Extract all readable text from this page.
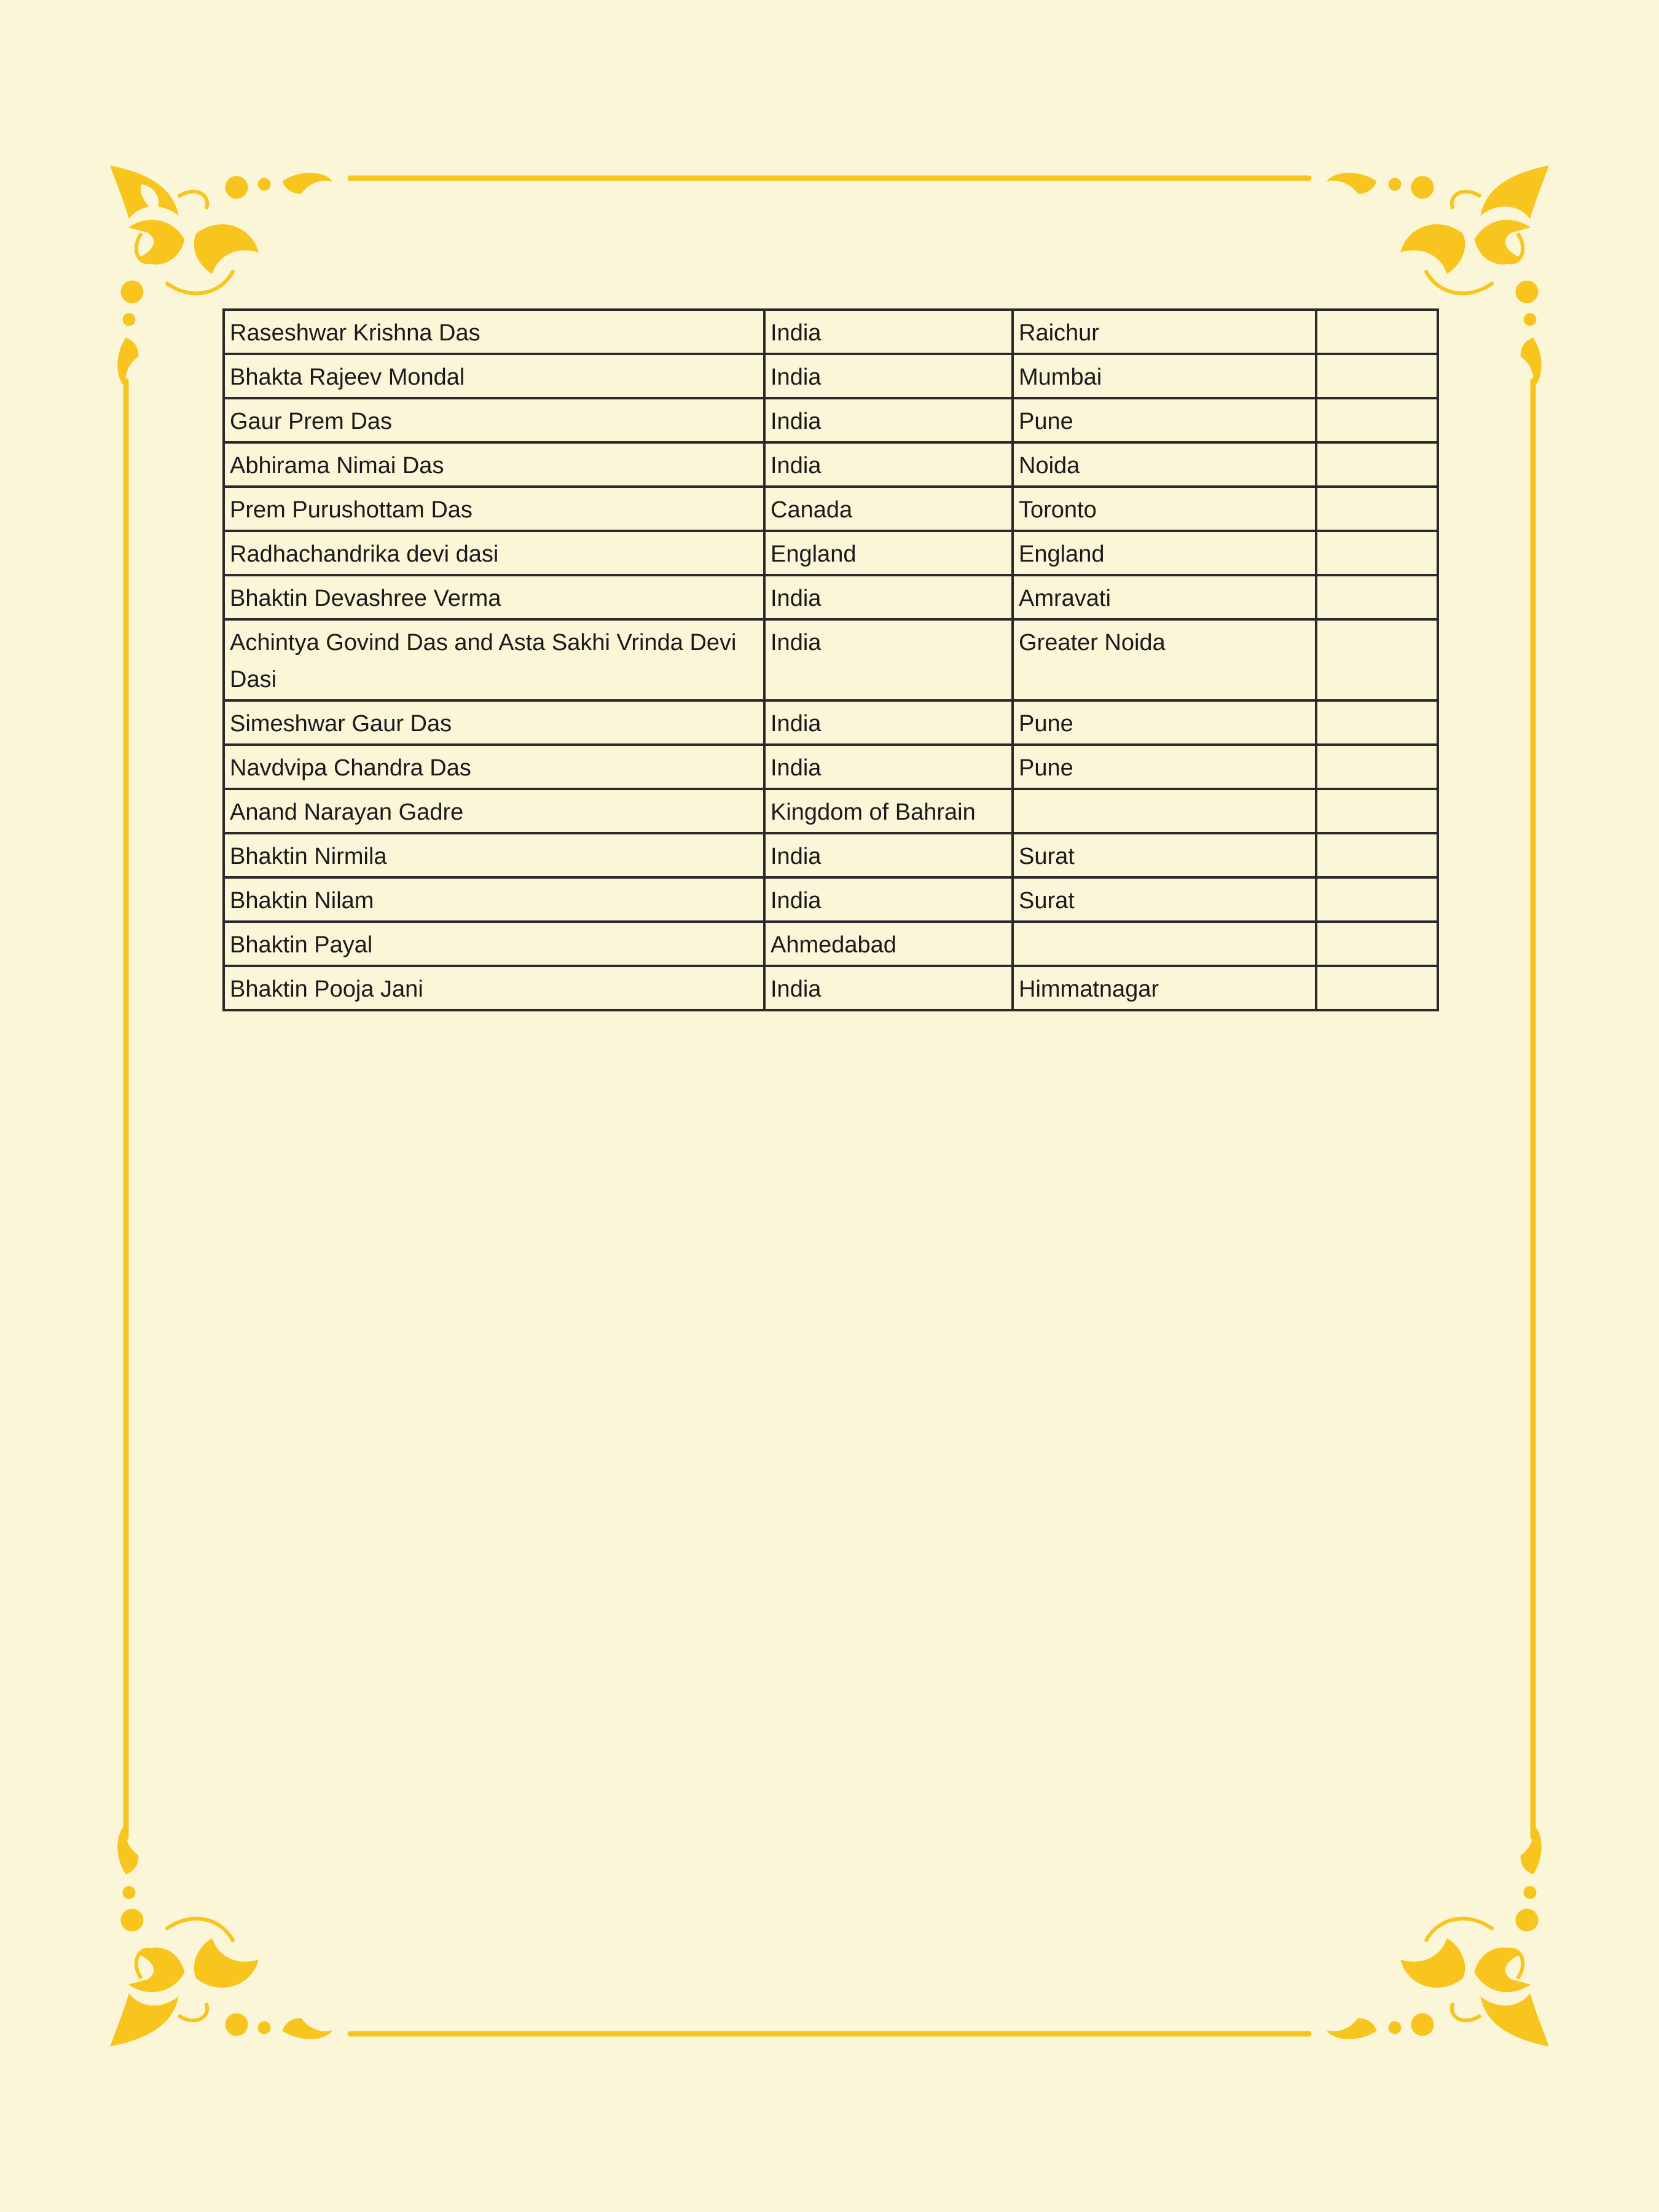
Raseshwar Krishna Das	India	Raichur	
Bhakta Rajeev Mondal	India	Mumbai	
Gaur Prem Das	India	Pune	
Abhirama Nimai Das	India	Noida	
Prem Purushottam Das	Canada	Toronto	
Radhachandrika devi dasi	England	England	
Bhaktin Devashree Verma	India	Amravati	
Achintya Govind Das and Asta Sakhi Vrinda Devi Dasi	India	Greater Noida	
Simeshwar Gaur Das	India	Pune	
Navdvipa Chandra Das	India	Pune	
Anand Narayan Gadre	Kingdom of Bahrain		
Bhaktin Nirmila	India	Surat	
Bhaktin Nilam	India	Surat	
Bhaktin Payal	Ahmedabad		
Bhaktin Pooja Jani	India	Himmatnagar	
